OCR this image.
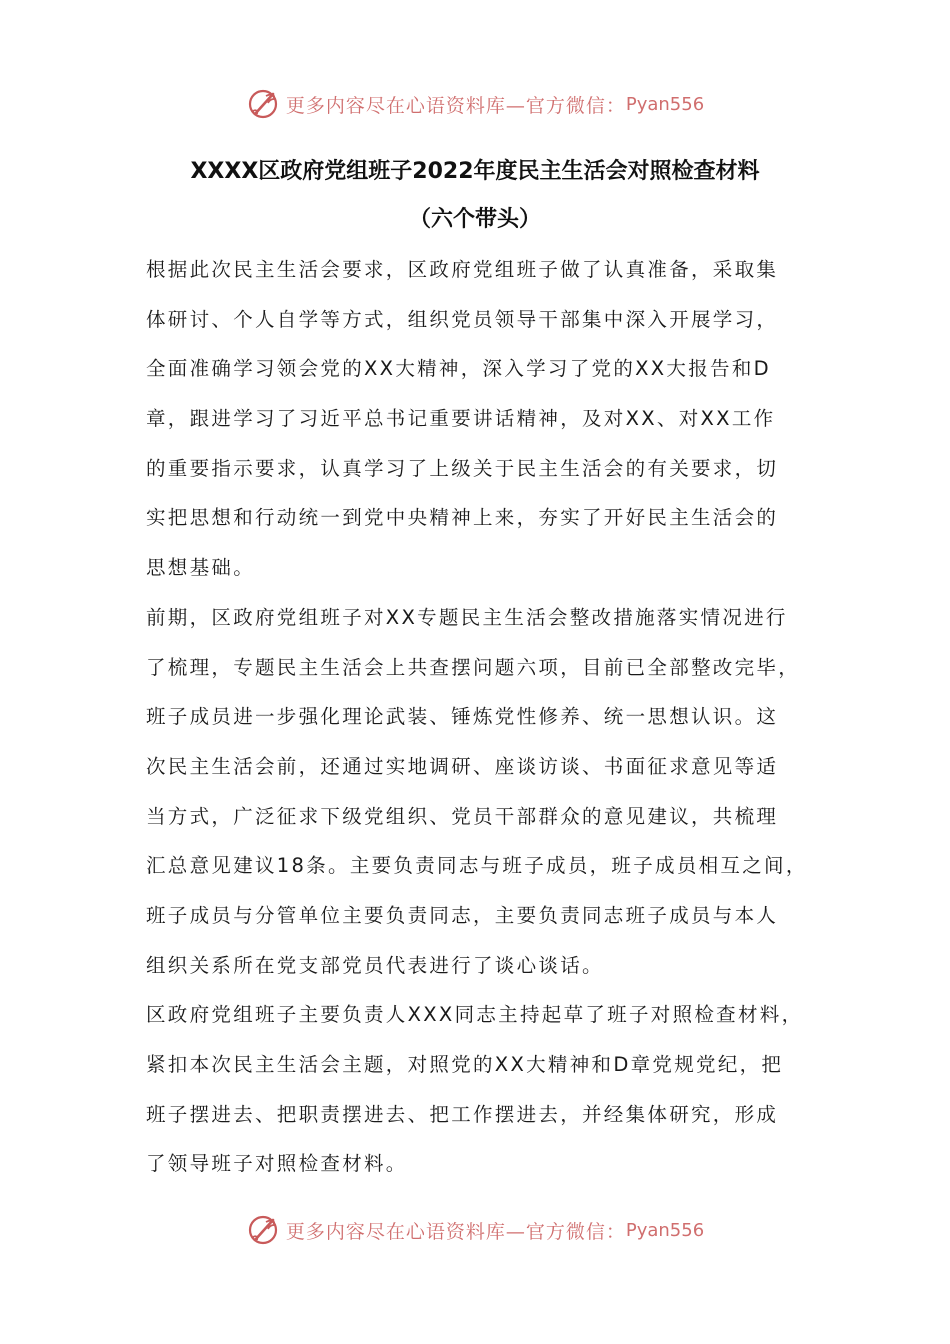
更多内容尽在心语资料库—官方微信： Pyan556
XXXX区政府党组班子2022年度民主生活会对照检查材料
（六个带头）
根据此次民主生活会要求，区政府党组班子做了认真准备，采取集
体研讨、个人自学等方式，组织党员领导干部集中深入开展学习，
全面准确学习领会党的XX大精神，深入学习了党的XX大报告和D
章，跟进学习了习近平总书记重要讲话精神，及对XX、对XX工作
的重要指示要求，认真学习了上级关于民主生活会的有关要求，切
实把思想和行动统一到党中央精神上来，夯实了开好民主生活会的
思想基础。
前期，区政府党组班子对XX专题民主生活会整改措施落实情况进行
了梳理，专题民主生活会上共查摆问题六项，目前已全部整改完毕，
班子成员进一步强化理论武装、锤炼党性修养、统一思想认识。这
次民主生活会前，还通过实地调研、座谈访谈、书面征求意见等适
当方式，广泛征求下级党组织、党员干部群众的意见建议，共梳理
汇总意见建议18条。主要负责同志与班子成员，班子成员相互之间，
班子成员与分管单位主要负责同志，主要负责同志班子成员与本人
组织关系所在党支部党员代表进行了谈心谈话。
区政府党组班子主要负责人XXX同志主持起草了班子对照检查材料，
紧扣本次民主生活会主题，对照党的XX大精神和D章党规党纪，把
班子摆进去、把职责摆进去、把工作摆进去，并经集体研究，形成
了领导班子对照检查材料。
更多内容尽在心语资料库—官方微信： Pyan556
